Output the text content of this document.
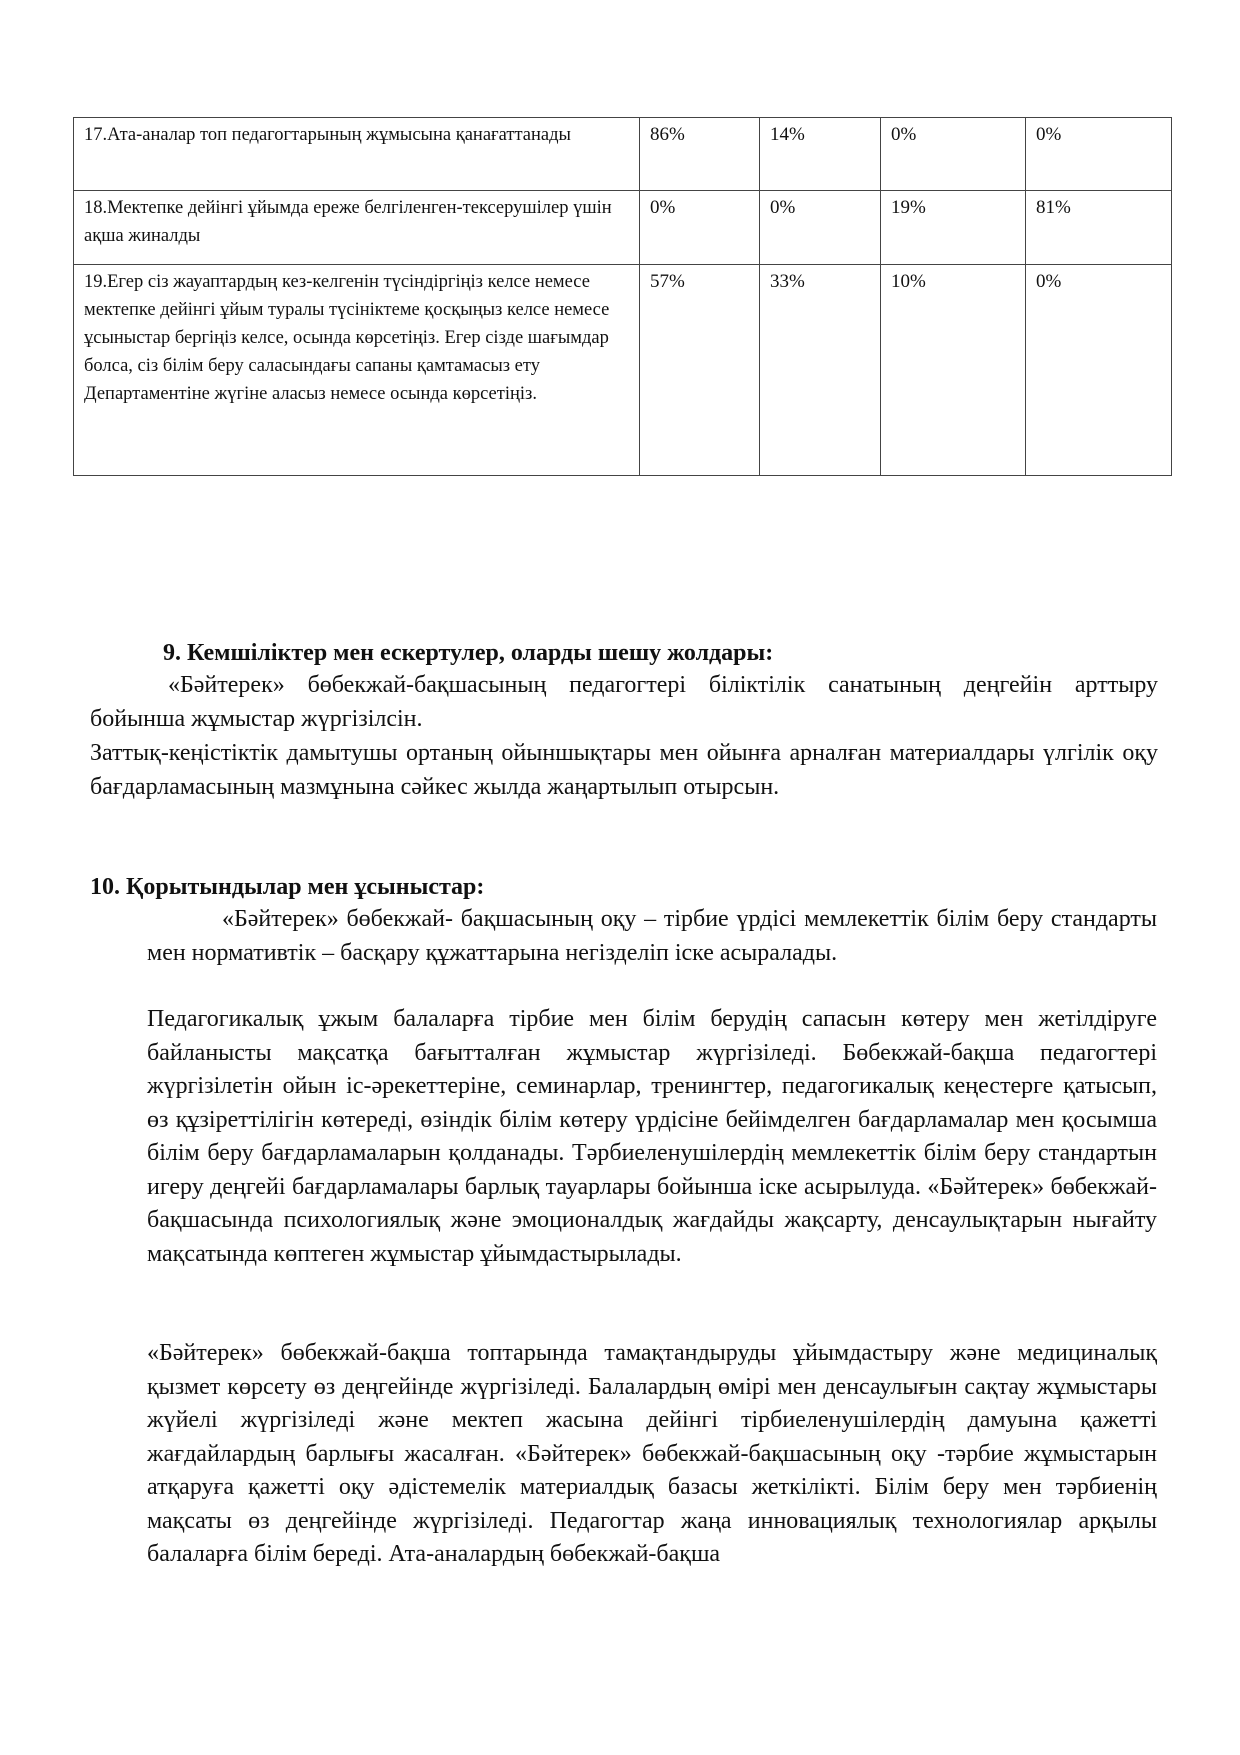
17.Ата-аналар топ педагогтарының жұмысына қанағаттанады	86%	14%	0%	0%
18.Мектепке дейінгі ұйымда ереже белгіленген-тексерушілер үшін ақша жиналды	0%	0%	19%	81%
19.Егер сіз жауаптардың кез-келгенін түсіндіргіңіз келсе немесе мектепке дейінгі ұйым туралы түсініктеме қосқыңыз келсе немесе ұсыныстар бергіңіз келсе, осында көрсетіңіз. Егер сізде шағымдар болса, сіз білім беру саласындағы сапаны қамтамасыз ету Департаментіне жүгіне аласыз немесе осында көрсетіңіз.	57%	33%	10%	0%
9. Кемшіліктер мен ескертулер, оларды шешу жолдары:
«Бәйтерек» бөбекжай-бақшасының педагогтері біліктілік санатының деңгейін арттыру бойынша жұмыстар жүргізілсін.
Заттық-кеңістіктік дамытушы ортаның ойыншықтары мен ойынға арналған материалдары үлгілік оқу бағдарламасының мазмұнына сәйкес жылда жаңартылып отырсын.
10. Қорытындылар мен ұсыныстар:
«Бәйтерек» бөбекжай- бақшасының оқу – тірбие үрдісі мемлекеттік білім беру стандарты мен нормативтік – басқару құжаттарына негізделіп іске асыралады.
Педагогикалық ұжым балаларға тірбие мен білім берудің сапасын көтеру мен жетілдіруге байланысты мақсатқа бағытталған жұмыстар жүргізіледі. Бөбекжай-бақша педагогтері жүргізілетін ойын іс-әрекеттеріне, семинарлар, тренингтер, педагогикалық кеңестерге қатысып, өз құзіреттілігін көтереді, өзіндік білім көтеру үрдісіне бейімделген бағдарламалар мен қосымша білім беру бағдарламаларын қолданады. Тәрбиеленушілердің мемлекеттік білім беру стандартын игеру деңгейі бағдарламалары барлық тауарлары бойынша іске асырылуда. «Бәйтерек» бөбекжай-бақшасында психологиялық және эмоционалдық жағдайды жақсарту, денсаулықтарын нығайту мақсатында көптеген жұмыстар ұйымдастырылады.
«Бәйтерек» бөбекжай-бақша топтарында тамақтандыруды ұйымдастыру және медициналық қызмет көрсету өз деңгейінде жүргізіледі. Балалардың өмірі мен денсаулығын сақтау жұмыстары жүйелі жүргізіледі және мектеп жасына дейінгі тірбиеленушілердің дамуына қажетті жағдайлардың барлығы жасалған. «Бәйтерек» бөбекжай-бақшасының оқу -тәрбие жұмыстарын атқаруға қажетті оқу әдістемелік материалдық базасы жеткілікті. Білім беру мен тәрбиенің мақсаты өз деңгейінде жүргізіледі. Педагогтар жаңа инновациялық технологиялар арқылы балаларға білім береді. Ата-аналардың бөбекжай-бақша
